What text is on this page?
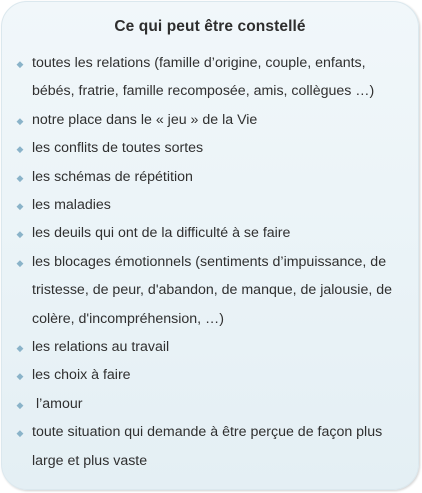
Ce qui peut être constellé
◆ toutes les relations (famille d’origine, couple, enfants, bébés, fratrie, famille recomposée, amis, collègues …)
◆ notre place dans le « jeu » de la Vie
◆ les conflits de toutes sortes
◆ les schémas de répétition
◆ les maladies
◆ les deuils qui ont de la difficulté à se faire
◆ les blocages émotionnels (sentiments d’impuissance, de tristesse, de peur, d'abandon, de manque, de jalousie, de colère, d'incompréhension, …)
◆ les relations au travail
◆ les choix à faire
◆ l’amour
◆ toute situation qui demande à être perçue de façon plus large et plus vaste
